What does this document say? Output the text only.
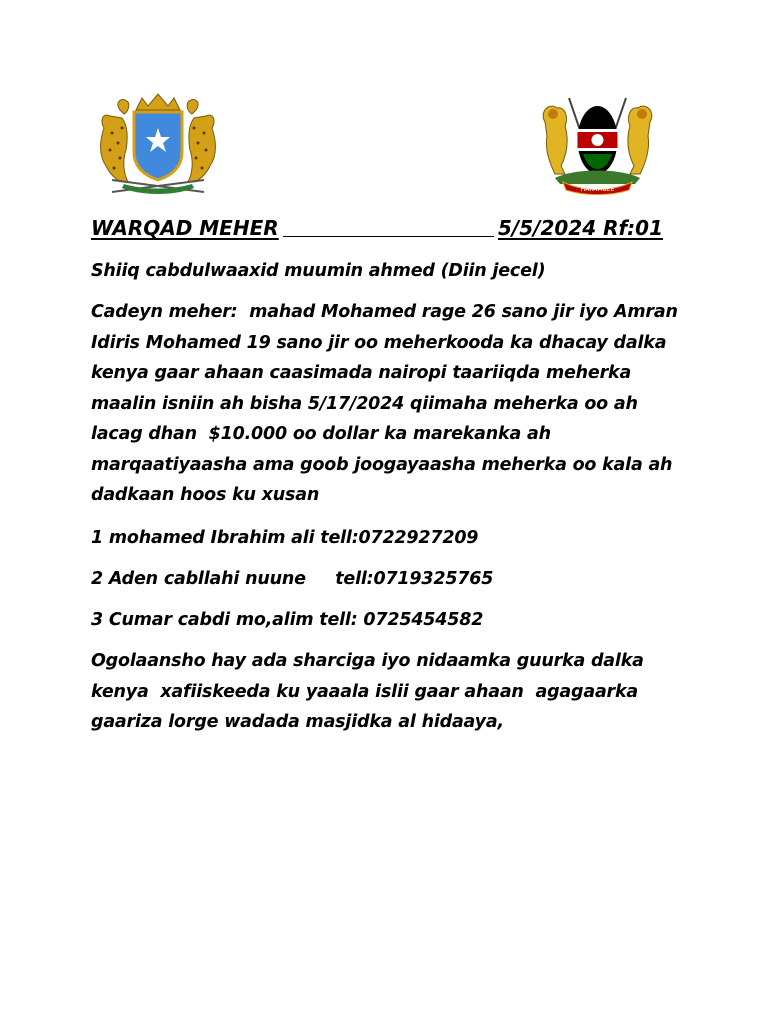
HARAMBEE
WARQAD MEHER	5/5/2024 Rf:01
Shiiq cabdulwaaxid muumin ahmed (Diin jecel)
Cadeyn meher:  mahad Mohamed rage 26 sano jir iyo Amran
Idiris Mohamed 19 sano jir oo meherkooda ka dhacay dalka
kenya gaar ahaan caasimada nairopi taariiqda meherka
maalin isniin ah bisha 5/17/2024 qiimaha meherka oo ah
lacag dhan  $10.000 oo dollar ka marekanka ah
marqaatiyaasha ama goob joogayaasha meherka oo kala ah
dadkaan hoos ku xusan
1 mohamed Ibrahim ali tell:0722927209
2 Aden cabllahi nuune     tell:0719325765
3 Cumar cabdi mo,alim tell: 0725454582
Ogolaansho hay ada sharciga iyo nidaamka guurka dalka
kenya  xafiiskeeda ku yaaala islii gaar ahaan  agagaarka
gaariza lorge wadada masjidka al hidaaya,
